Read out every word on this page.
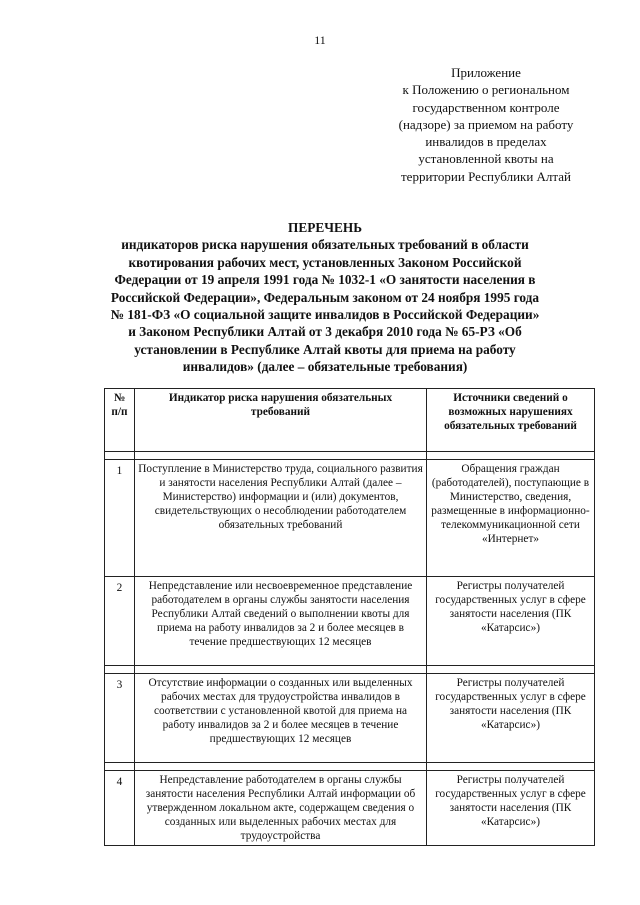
11
Приложение
к Положению о региональном
государственном контроле
(надзоре) за приемом на работу
инвалидов в пределах
установленной квоты на
территории Республики Алтай
ПЕРЕЧЕНЬ
индикаторов риска нарушения обязательных требований в области
квотирования рабочих мест, установленных Законом Российской
Федерации от 19 апреля 1991 года № 1032-1 «О занятости населения в
Российской Федерации», Федеральным законом от 24 ноября 1995 года
№ 181-ФЗ «О социальной защите инвалидов в Российской Федерации»
и Законом Республики Алтай от 3 декабря 2010 года № 65-РЗ «Об
установлении в Республике Алтай квоты для приема на работу
инвалидов» (далее – обязательные требования)
№ п/п	Индикатор риска нарушения обязательных требований	Источники сведений о возможных нарушениях обязательных требований

1	Поступление в Министерство труда, социального развития и занятости населения Республики Алтай (далее – Министерство) информации и (или) документов, свидетельствующих о несоблюдении работодателем обязательных требований	Обращения граждан (работодателей), поступающие в Министерство, сведения, размещенные в информационно-телекоммуникационной сети «Интернет»
2	Непредставление или несвоевременное представление работодателем в органы службы занятости населения Республики Алтай сведений о выполнении квоты для приема на работу инвалидов за 2 и более месяцев в течение предшествующих 12 месяцев	Регистры получателей государственных услуг в сфере занятости населения (ПК «Катарсис»)

3	Отсутствие информации о созданных или выделенных рабочих местах для трудоустройства инвалидов в соответствии с установленной квотой для приема на работу инвалидов за 2 и более месяцев в течение предшествующих 12 месяцев	Регистры получателей государственных услуг в сфере занятости населения (ПК «Катарсис»)

4	Непредставление работодателем в органы службы занятости населения Республики Алтай информации об утвержденном локальном акте, содержащем сведения о созданных или выделенных рабочих местах для трудоустройства	Регистры получателей государственных услуг в сфере занятости населения (ПК «Катарсис»)
